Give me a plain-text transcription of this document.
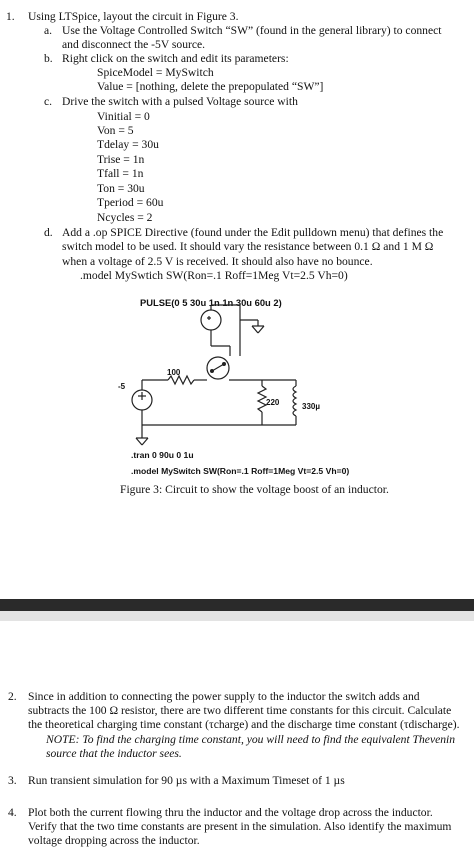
1. Using LTSpice, layout the circuit in Figure 3.
a. Use the Voltage Controlled Switch “SW” (found in the general library) to connect
and disconnect the -5V source.
b. Right click on the switch and edit its parameters:
SpiceModel = MySwitch
Value = [nothing, delete the prepopulated “SW”]
c. Drive the switch with a pulsed Voltage source with
Vinitial = 0
Von = 5
Tdelay = 30u
Trise = 1n
Tfall = 1n
Ton = 30u
Tperiod = 60u
Ncycles = 2
d. Add a .op SPICE Directive (found under the Edit pulldown menu) that defines the
switch model to be used. It should vary the resistance between 0.1 Ω and 1 M Ω
when a voltage of 2.5 V is received. It should also have no bounce.
.model MySwtich SW(Ron=.1 Roff=1Meg Vt=2.5 Vh=0)
PULSE(0 5 30u 1n 1n 30u 60u 2)
100
-5
220	330µ
.tran 0 90u 0 1u
.model MySwitch SW(Ron=.1 Roff=1Meg Vt=2.5 Vh=0)
Figure 3: Circuit to show the voltage boost of an inductor.
2. Since in addition to connecting the power supply to the inductor the switch adds and
subtracts the 100 Ω resistor, there are two different time constants for this circuit. Calculate
the theoretical charging time constant (τcharge) and the discharge time constant (τdischarge).
NOTE: To find the charging time constant, you will need to find the equivalent Thevenin
source that the inductor sees.
3. Run transient simulation for 90 µs with a Maximum Timeset of 1 µs
4. Plot both the current flowing thru the inductor and the voltage drop across the inductor.
Verify that the two time constants are present in the simulation. Also identify the maximum
voltage dropping across the inductor.
